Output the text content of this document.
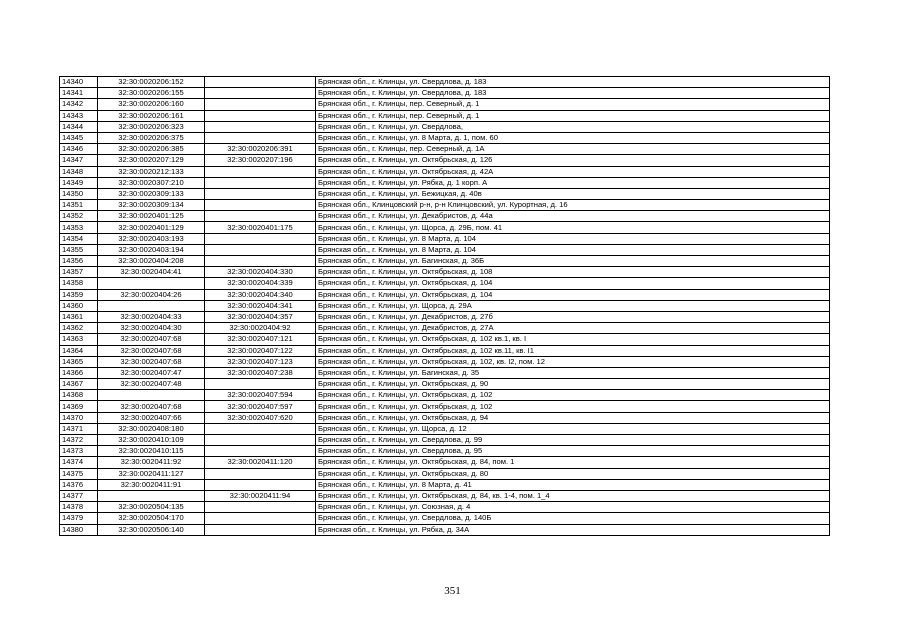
14340	32:30:0020206:152		Брянская обл., г. Клинцы, ул. Свердлова, д. 183
14341	32:30:0020206:155		Брянская обл., г. Клинцы, ул. Свердлова, д. 183
14342	32:30:0020206:160		Брянская обл., г. Клинцы, пер. Северный, д. 1
14343	32:30:0020206:161		Брянская обл., г. Клинцы, пер. Северный, д. 1
14344	32:30:0020206:323		Брянская обл., г. Клинцы, ул. Свердлова,
14345	32:30:0020206:375		Брянская обл., г. Клинцы, ул. 8 Марта, д. 1, пом. 60
14346	32:30:0020206:385	32:30:0020206:391	Брянская обл., г. Клинцы, пер. Северный, д. 1А
14347	32:30:0020207:129	32:30:0020207:196	Брянская обл., г. Клинцы, ул. Октябрьская, д. 126
14348	32:30:0020212:133		Брянская обл., г. Клинцы, ул. Октябрьская, д. 42А
14349	32:30:0020307:210		Брянская обл., г. Клинцы, ул. Рябка, д. 1 корп. А
14350	32:30:0020309:133		Брянская обл., г. Клинцы, ул. Бежицкая, д. 40в
14351	32:30:0020309:134		Брянская обл., Клинцовский р-н, р-н Клинцовский, ул. Курортная, д. 16
14352	32:30:0020401:125		Брянская обл., г. Клинцы, ул. Декабристов, д. 44а
14353	32:30:0020401:129	32:30:0020401:175	Брянская обл., г. Клинцы, ул. Щорса, д. 29Б, пом. 41
14354	32:30:0020403:193		Брянская обл., г. Клинцы, ул. 8 Марта, д. 104
14355	32:30:0020403:194		Брянская обл., г. Клинцы, ул. 8 Марта, д. 104
14356	32:30:0020404:208		Брянская обл., г. Клинцы, ул. Багинская, д. 36Б
14357	32:30:0020404:41	32:30:0020404:330	Брянская обл., г. Клинцы, ул. Октябрьская, д. 108
14358		32:30:0020404:339	Брянская обл., г. Клинцы, ул. Октябрьская, д. 104
14359	32:30:0020404:26	32:30:0020404:340	Брянская обл., г. Клинцы, ул. Октябрьская, д. 104
14360		32:30:0020404:341	Брянская обл., г. Клинцы, ул. Щорса, д. 29А
14361	32:30:0020404:33	32:30:0020404:357	Брянская обл., г. Клинцы, ул. Декабристов, д. 27б
14362	32:30:0020404:30	32:30:0020404:92	Брянская обл., г. Клинцы, ул. Декабристов, д. 27А
14363	32:30:0020407:68	32:30:0020407:121	Брянская обл., г. Клинцы, ул. Октябрьская, д. 102 кв.1, кв. I
14364	32:30:0020407:68	32:30:0020407:122	Брянская обл., г. Клинцы, ул. Октябрьская, д. 102 кв.11, кв. I1
14365	32:30:0020407:68	32:30:0020407:123	Брянская обл., г. Клинцы, ул. Октябрьская, д. 102, кв. I2, пом. 12
14366	32:30:0020407:47	32:30:0020407:238	Брянская обл., г. Клинцы, ул. Багинская, д. 35
14367	32:30:0020407:48		Брянская обл., г. Клинцы, ул. Октябрьская, д. 90
14368		32:30:0020407:594	Брянская обл., г. Клинцы, ул. Октябрьская, д. 102
14369	32:30:0020407:68	32:30:0020407:597	Брянская обл., г. Клинцы, ул. Октябрьская, д. 102
14370	32:30:0020407:66	32:30:0020407:620	Брянская обл., г. Клинцы, ул. Октябрьская, д. 94
14371	32:30:0020408:180		Брянская обл., г. Клинцы, ул. Щорса, д. 12
14372	32:30:0020410:109		Брянская обл., г. Клинцы, ул. Свердлова, д. 99
14373	32:30:0020410:115		Брянская обл., г. Клинцы, ул. Свердлова, д. 95
14374	32:30:0020411:92	32:30:0020411:120	Брянская обл., г. Клинцы, ул. Октябрьская, д. 84, пом. 1
14375	32:30:0020411:127		Брянская обл., г. Клинцы, ул. Октябрьская, д. 80
14376	32:30:0020411:91		Брянская обл., г. Клинцы, ул. 8 Марта, д. 41
14377		32:30:0020411:94	Брянская обл., г. Клинцы, ул. Октябрьская, д. 84, кв. 1-4, пом. 1_4
14378	32:30:0020504:135		Брянская обл., г. Клинцы, ул. Союзная, д. 4
14379	32:30:0020504:170		Брянская обл., г. Клинцы, ул. Свердлова, д. 140Б
14380	32:30:0020506:140		Брянская обл., г. Клинцы, ул. Рябка, д. 34А
351
